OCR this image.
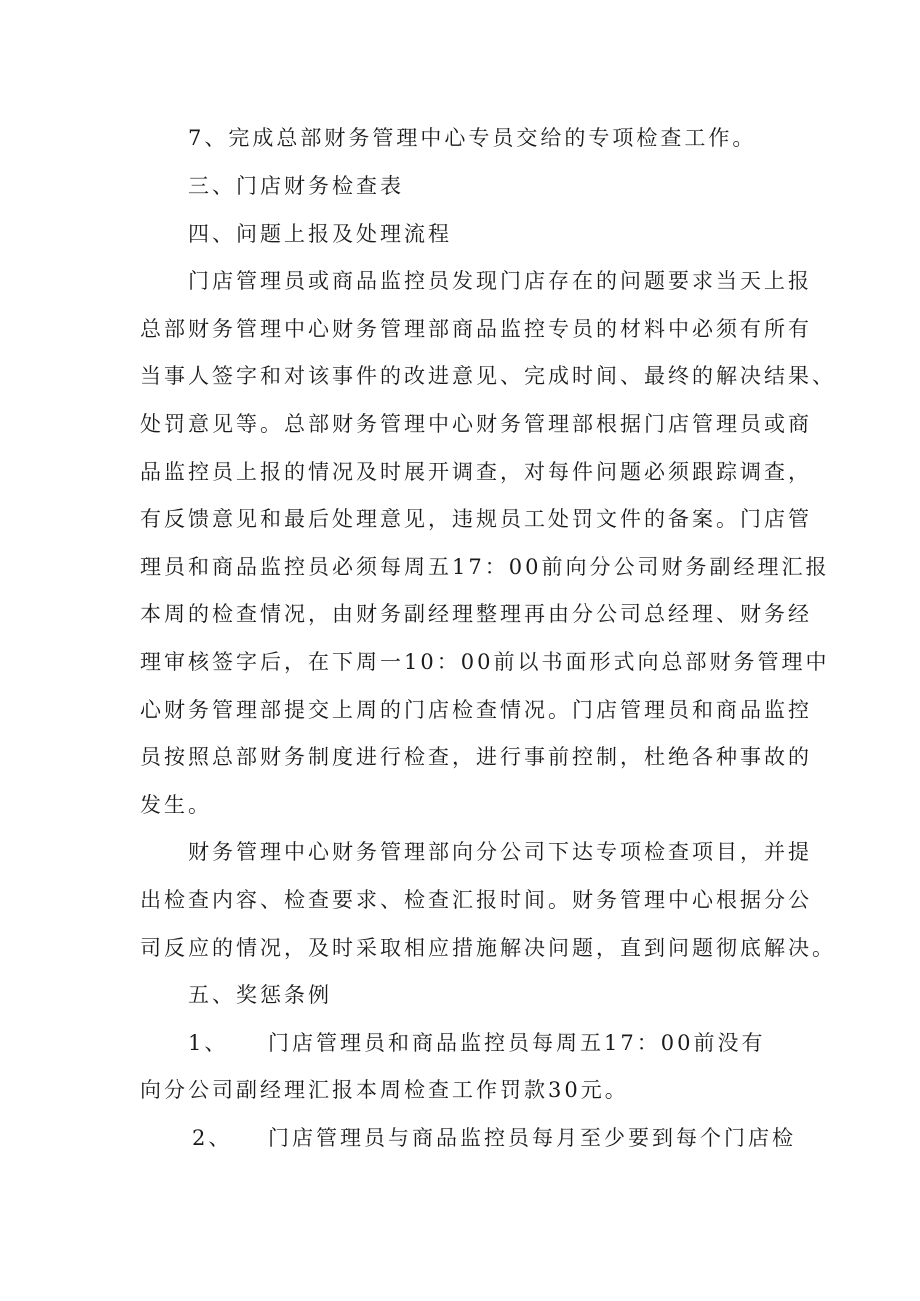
7、完成总部财务管理中心专员交给的专项检查工作。
三、门店财务检查表
四、问题上报及处理流程
门店管理员或商品监控员发现门店存在的问题要求当天上报
总部财务管理中心财务管理部商品监控专员的材料中必须有所有
当事人签字和对该事件的改进意见、完成时间、最终的解决结果、
处罚意见等。总部财务管理中心财务管理部根据门店管理员或商
品监控员上报的情况及时展开调查，对每件问题必须跟踪调查，
有反馈意见和最后处理意见，违规员工处罚文件的备案。门店管
理员和商品监控员必须每周五17：00前向分公司财务副经理汇报
本周的检查情况，由财务副经理整理再由分公司总经理、财务经
理审核签字后，在下周一10：00前以书面形式向总部财务管理中
心财务管理部提交上周的门店检查情况。门店管理员和商品监控
员按照总部财务制度进行检查，进行事前控制，杜绝各种事故的
发生。
财务管理中心财务管理部向分公司下达专项检查项目，并提
出检查内容、检查要求、检查汇报时间。财务管理中心根据分公
司反应的情况，及时采取相应措施解决问题，直到问题彻底解决。
五、奖惩条例
1、 门店管理员和商品监控员每周五17：00前没有
向分公司副经理汇报本周检查工作罚款30元。
2、 门店管理员与商品监控员每月至少要到每个门店检
